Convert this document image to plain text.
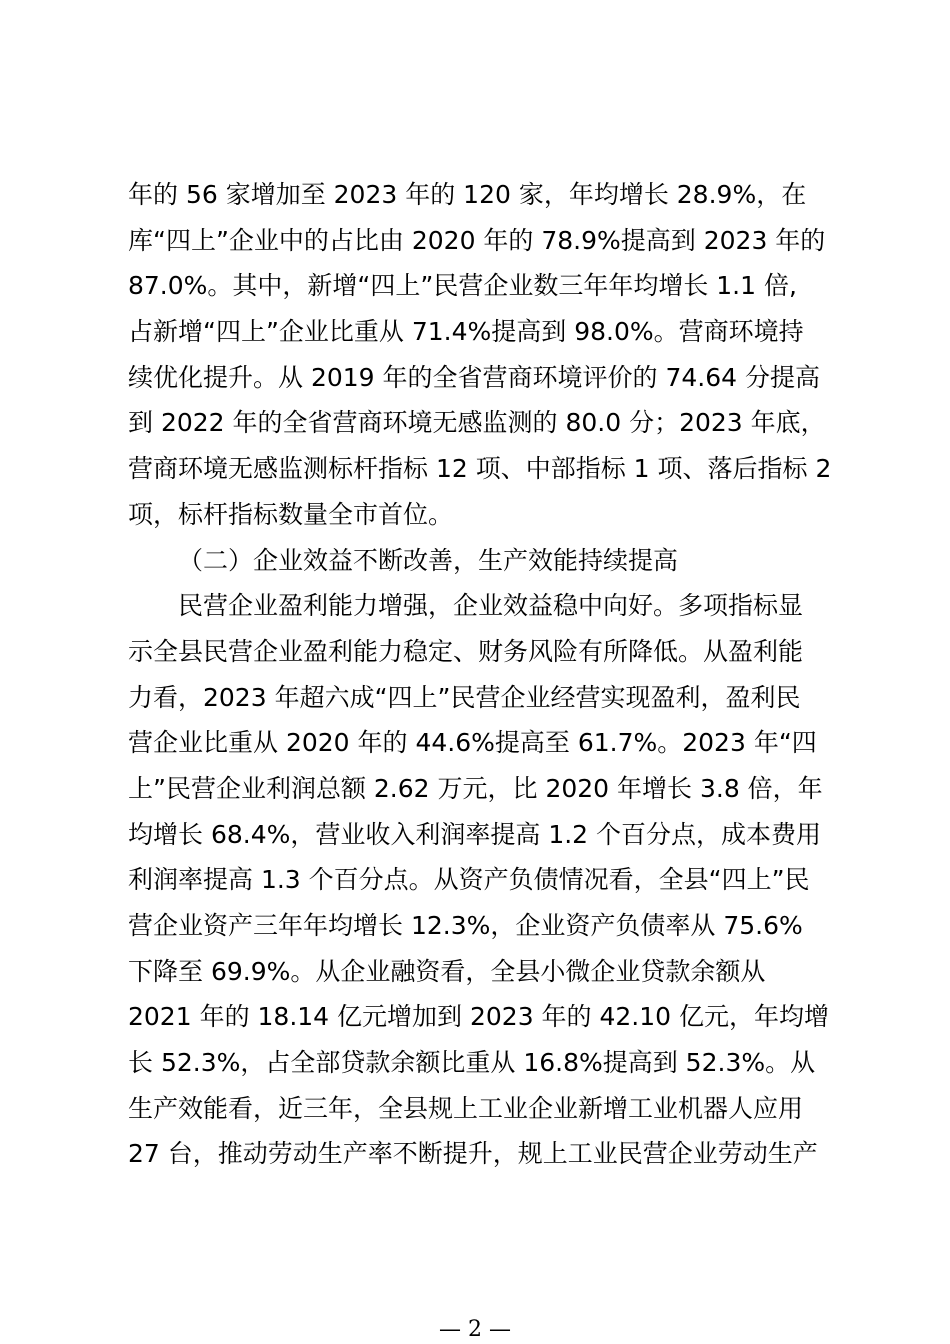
年的 56 家增加至 2023 年的 120 家，年均增长 28.9%，在
库“四上”企业中的占比由 2020 年的 78.9%提高到 2023 年的
87.0%。其中，新增“四上”民营企业数三年年均增长 1.1 倍,
占新增“四上”企业比重从 71.4%提高到 98.0%。营商环境持
续优化提升。从 2019 年的全省营商环境评价的 74.64 分提高
到 2022 年的全省营商环境无感监测的 80.0 分；2023 年底，
营商环境无感监测标杆指标 12 项、中部指标 1 项、落后指标 2
项，标杆指标数量全市首位。
（二）企业效益不断改善，生产效能持续提高
民营企业盈利能力增强，企业效益稳中向好。多项指标显
示全县民营企业盈利能力稳定、财务风险有所降低。从盈利能
力看，2023 年超六成“四上”民营企业经营实现盈利，盈利民
营企业比重从 2020 年的 44.6%提高至 61.7%。2023 年“四
上”民营企业利润总额 2.62 万元，比 2020 年增长 3.8 倍，年
均增长 68.4%，营业收入利润率提高 1.2 个百分点，成本费用
利润率提高 1.3 个百分点。从资产负债情况看，全县“四上”民
营企业资产三年年均增长 12.3%，企业资产负债率从 75.6%
下降至 69.9%。从企业融资看，全县小微企业贷款余额从
2021 年的 18.14 亿元增加到 2023 年的 42.10 亿元，年均增
长 52.3%，占全部贷款余额比重从 16.8%提高到 52.3%。从
生产效能看，近三年，全县规上工业企业新增工业机器人应用
27 台，推动劳动生产率不断提升，规上工业民营企业劳动生产
— 2 —
